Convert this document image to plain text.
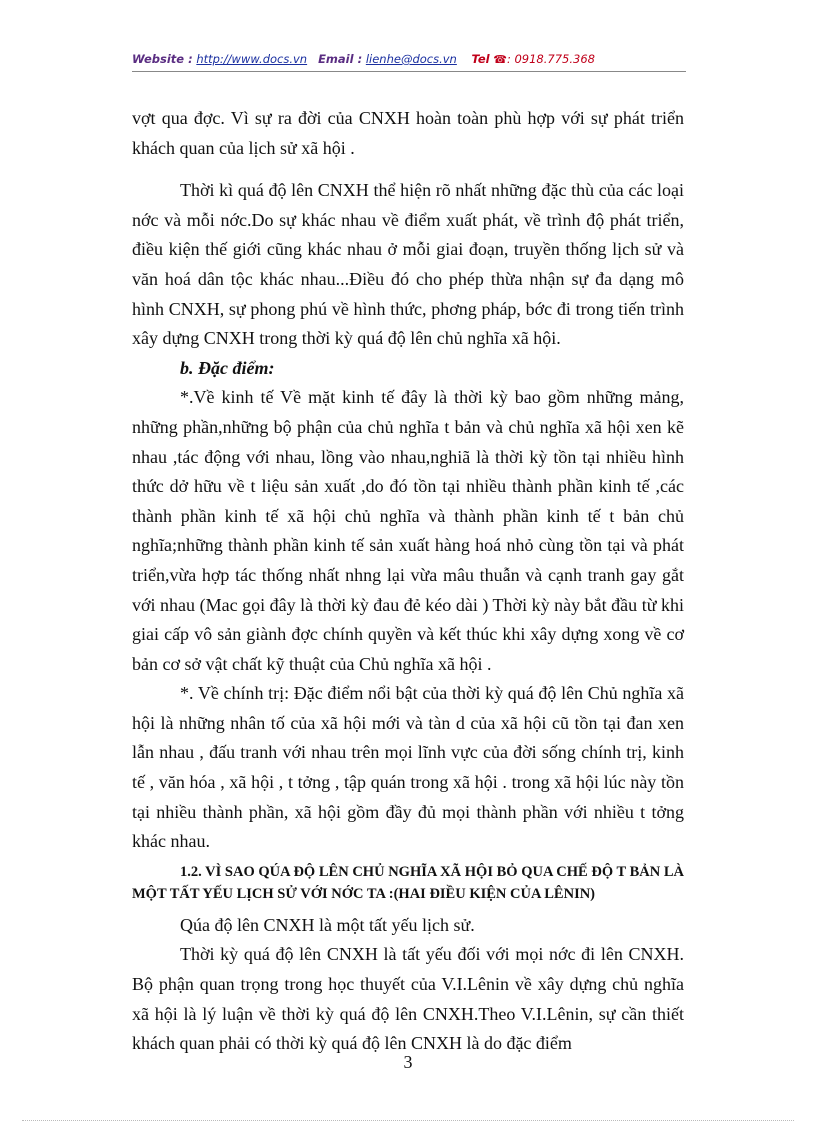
Website : http://www.docs.vn Email : lienhe@docs.vn Tel ☎: 0918.775.368

vợt qua đợc. Vì sự ra đời của CNXH hoàn toàn phù hợp với sự phát triển khách quan của lịch sử xã hội .

Thời kì quá độ lên CNXH thể hiện rõ nhất những đặc thù của các loại nớc và mỗi nớc.Do sự khác nhau về điểm xuất phát, về trình độ phát triển, điều kiện thế giới cũng khác nhau ở mỗi giai đoạn, truyền thống lịch sử và văn hoá dân tộc khác nhau...Điều đó cho phép thừa nhận sự đa dạng mô hình CNXH, sự phong phú về hình thức, phơng pháp, bớc đi trong tiến trình xây dựng CNXH trong thời kỳ quá độ lên chủ nghĩa xã hội.

b. Đặc điểm:

*.Về kinh tế Về mặt kinh tế đây là thời kỳ bao gồm những mảng, những phần,những bộ phận của chủ nghĩa t bản và chủ nghĩa xã hội xen kẽ nhau ,tác động với nhau, lồng vào nhau,nghiã là thời kỳ tồn tại nhiều hình thức dở hữu về t liệu sản xuất ,do đó tồn tại nhiều thành phần kinh tế ,các thành phần kinh tế xã hội chủ nghĩa và thành phần kinh tế t bản chủ nghĩa;những thành phần kinh tế sản xuất hàng hoá nhỏ cùng tồn tại và phát triển,vừa hợp tác thống nhất nhng lại vừa mâu thuẫn và cạnh tranh gay gắt với nhau (Mac gọi đây là thời kỳ đau đẻ kéo dài ) Thời kỳ này bắt đầu từ khi giai cấp vô sản giành đợc chính quyền và kết thúc khi xây dựng xong về cơ bản cơ sở vật chất kỹ thuật của Chủ nghĩa xã hội .

*. Về chính trị: Đặc điểm nổi bật của thời kỳ quá độ lên Chủ nghĩa xã hội là những nhân tố của xã hội mới và tàn d của xã hội cũ tồn tại đan xen lẫn nhau , đấu tranh với nhau trên mọi lĩnh vực của đời sống chính trị, kinh tế , văn hóa , xã hội , t tởng , tập quán trong xã hội . trong xã hội lúc này tồn tại nhiều thành phần, xã hội gồm đầy đủ mọi thành phần với nhiều t tởng khác nhau.

1.2. VÌ SAO QÚA ĐỘ LÊN CHỦ NGHĨA XÃ HỘI BỎ QUA CHẾ ĐỘ T BẢN LÀ MỘT TẤT YẾU LỊCH SỬ VỚI NỚC TA :(HAI ĐIỀU KIỆN CỦA LÊNIN)

Qúa độ lên CNXH là một tất yếu lịch sử.

Thời kỳ quá độ lên CNXH là tất yếu đối với mọi nớc đi lên CNXH. Bộ phận quan trọng trong học thuyết của V.I.Lênin về xây dựng chủ nghĩa xã hội là lý luận về thời kỳ quá độ lên CNXH.Theo V.I.Lênin, sự cần thiết khách quan phải có thời kỳ quá độ lên CNXH là do đặc điểm

3
